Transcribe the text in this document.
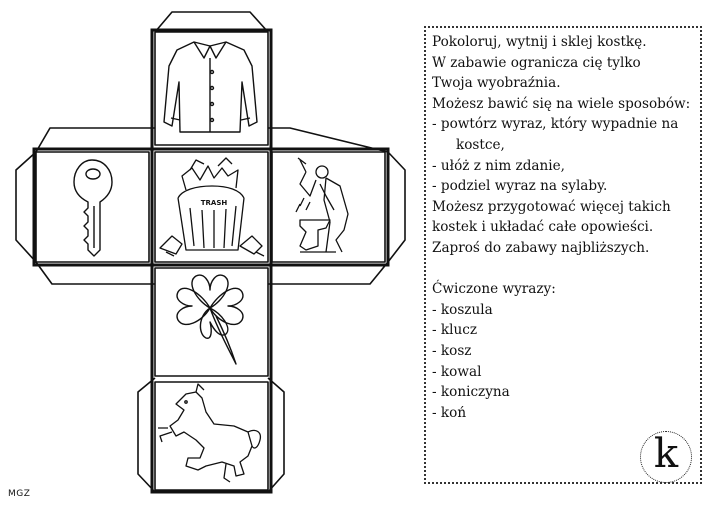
TRASH

Pokoloruj, wytnij i sklej kostkę.

W zabawie ogranicza cię tylko

Twoja wyobraźnia.

Możesz bawić się na wiele sposobów:

- powtórz wyraz, który wypadnie na

kostce,

- ułóż z nim zdanie,

- podziel wyraz na sylaby.

Możesz przygotować więcej takich

kostek i układać całe opowieści.

Zaproś do zabawy najbliższych.

Ćwiczone wyrazy:

- koszula

- klucz

- kosz

- kowal

- koniczyna

- koń

k
MGZ
